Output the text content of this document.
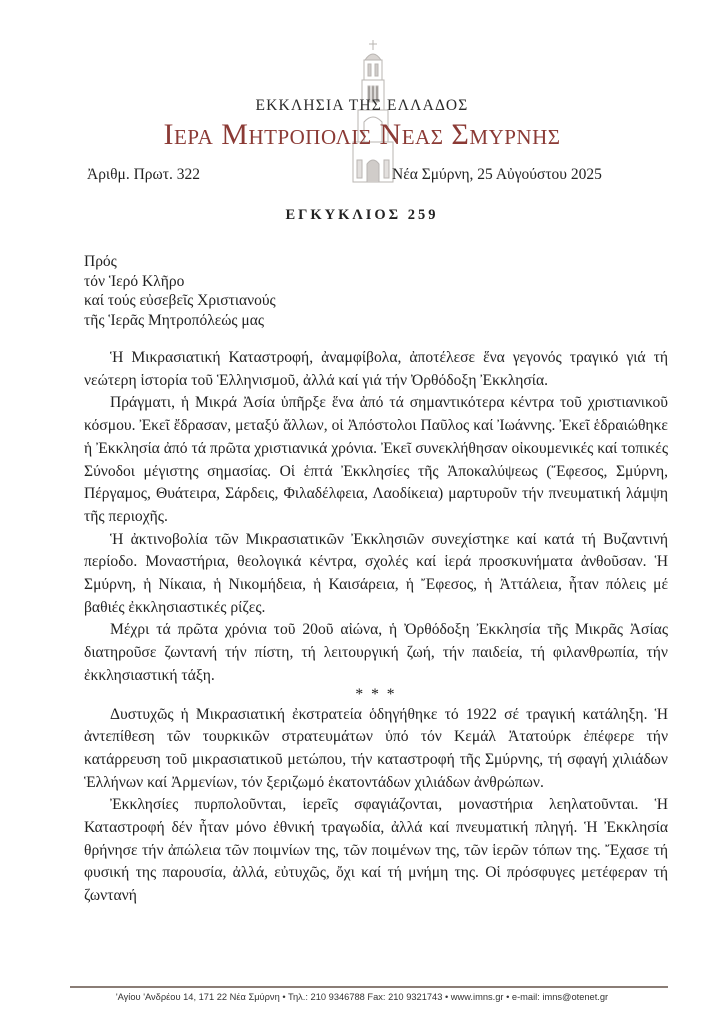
ΕΚΚΛΗΣΙΑ ΤΗΣ ΕΛΛΑΔΟΣ
Ιερα Μητροπολις Νεας Σμυρνης
Ἀριθμ. Πρωτ. 322	Νέα Σμύρνη, 25 Αὐγούστου 2025
ΕΓΚΥΚΛΙΟΣ 259
Πρός
τόν Ἱερό Κλῆρο
καί τούς εὐσεβεῖς Χριστιανούς
τῆς Ἱερᾶς Μητροπόλεώς μας

Ἡ Μικρασιατική Καταστροφή, ἀναμφίβολα, ἀποτέλεσε ἕνα γεγονός τραγικό γιά τή νεώτερη ἱστορία τοῦ Ἑλληνισμοῦ, ἀλλά καί γιά τήν Ὀρθόδοξη Ἐκκλησία.

Πράγματι, ἡ Μικρά Ἀσία ὑπῆρξε ἕνα ἀπό τά σημαντικότερα κέντρα τοῦ χριστιανικοῦ κόσμου. Ἐκεῖ ἔδρασαν, μεταξύ ἄλλων, οἱ Ἀπόστολοι Παῦλος καί Ἰωάννης. Ἐκεῖ ἑδραιώθηκε ἡ Ἐκκλησία ἀπό τά πρῶτα χριστιανικά χρόνια. Ἐκεῖ συνεκλήθησαν οἰκουμενικές καί τοπικές Σύνοδοι μέγιστης σημασίας. Οἱ ἑπτά Ἐκκλησίες τῆς Ἀποκαλύψεως (Ἔφεσος, Σμύρνη, Πέργαμος, Θυάτειρα, Σάρδεις, Φιλαδέλφεια, Λαοδίκεια) μαρτυροῦν τήν πνευματική λάμψη τῆς περιοχῆς.

Ἡ ἀκτινοβολία τῶν Μικρασιατικῶν Ἐκκλησιῶν συνεχίστηκε καί κατά τή Βυζαντινή περίοδο. Μοναστήρια, θεολογικά κέντρα, σχολές καί ἱερά προσκυνήματα ἀνθοῦσαν. Ἡ Σμύρνη, ἡ Νίκαια, ἡ Νικομήδεια, ἡ Καισάρεια, ἡ Ἔφεσος, ἡ Ἀττάλεια, ἦταν πόλεις μέ βαθιές ἐκκλησιαστικές ρίζες.

Μέχρι τά πρῶτα χρόνια τοῦ 20οῦ αἰώνα, ἡ Ὀρθόδοξη Ἐκκλησία τῆς Μικρᾶς Ἀσίας διατηροῦσε ζωντανή τήν πίστη, τή λειτουργική ζωή, τήν παιδεία, τή φιλανθρωπία, τήν ἐκκλησιαστική τάξη.

* * *

Δυστυχῶς ἡ Μικρασιατική ἐκστρατεία ὁδηγήθηκε τό 1922 σέ τραγική κατάληξη. Ἡ ἀντεπίθεση τῶν τουρκικῶν στρατευμάτων ὑπό τόν Κεμάλ Ἀτατούρκ ἐπέφερε τήν κατάρρευση τοῦ μικρασιατικοῦ μετώπου, τήν καταστροφή τῆς Σμύρνης, τή σφαγή χιλιάδων Ἑλλήνων καί Ἀρμενίων, τόν ξεριζωμό ἑκατοντάδων χιλιάδων ἀνθρώπων.

Ἐκκλησίες πυρπολοῦνται, ἱερεῖς σφαγιάζονται, μοναστήρια λεηλατοῦνται. Ἡ Καταστροφή δέν ἦταν μόνο ἐθνική τραγωδία, ἀλλά καί πνευματική πληγή. Ἡ Ἐκκλησία θρήνησε τήν ἀπώλεια τῶν ποιμνίων της, τῶν ποιμένων της, τῶν ἱερῶν τόπων της. Ἔχασε τή φυσική της παρουσία, ἀλλά, εὐτυχῶς, ὄχι καί τή μνήμη της. Οἱ πρόσφυγες μετέφεραν τή ζωντανή

'Αγίου 'Ανδρέου 14, 171 22 Νέα Σμύρνη • Τηλ.: 210 9346788 Fax: 210 9321743 • www.imns.gr • e-mail: imns@otenet.gr
